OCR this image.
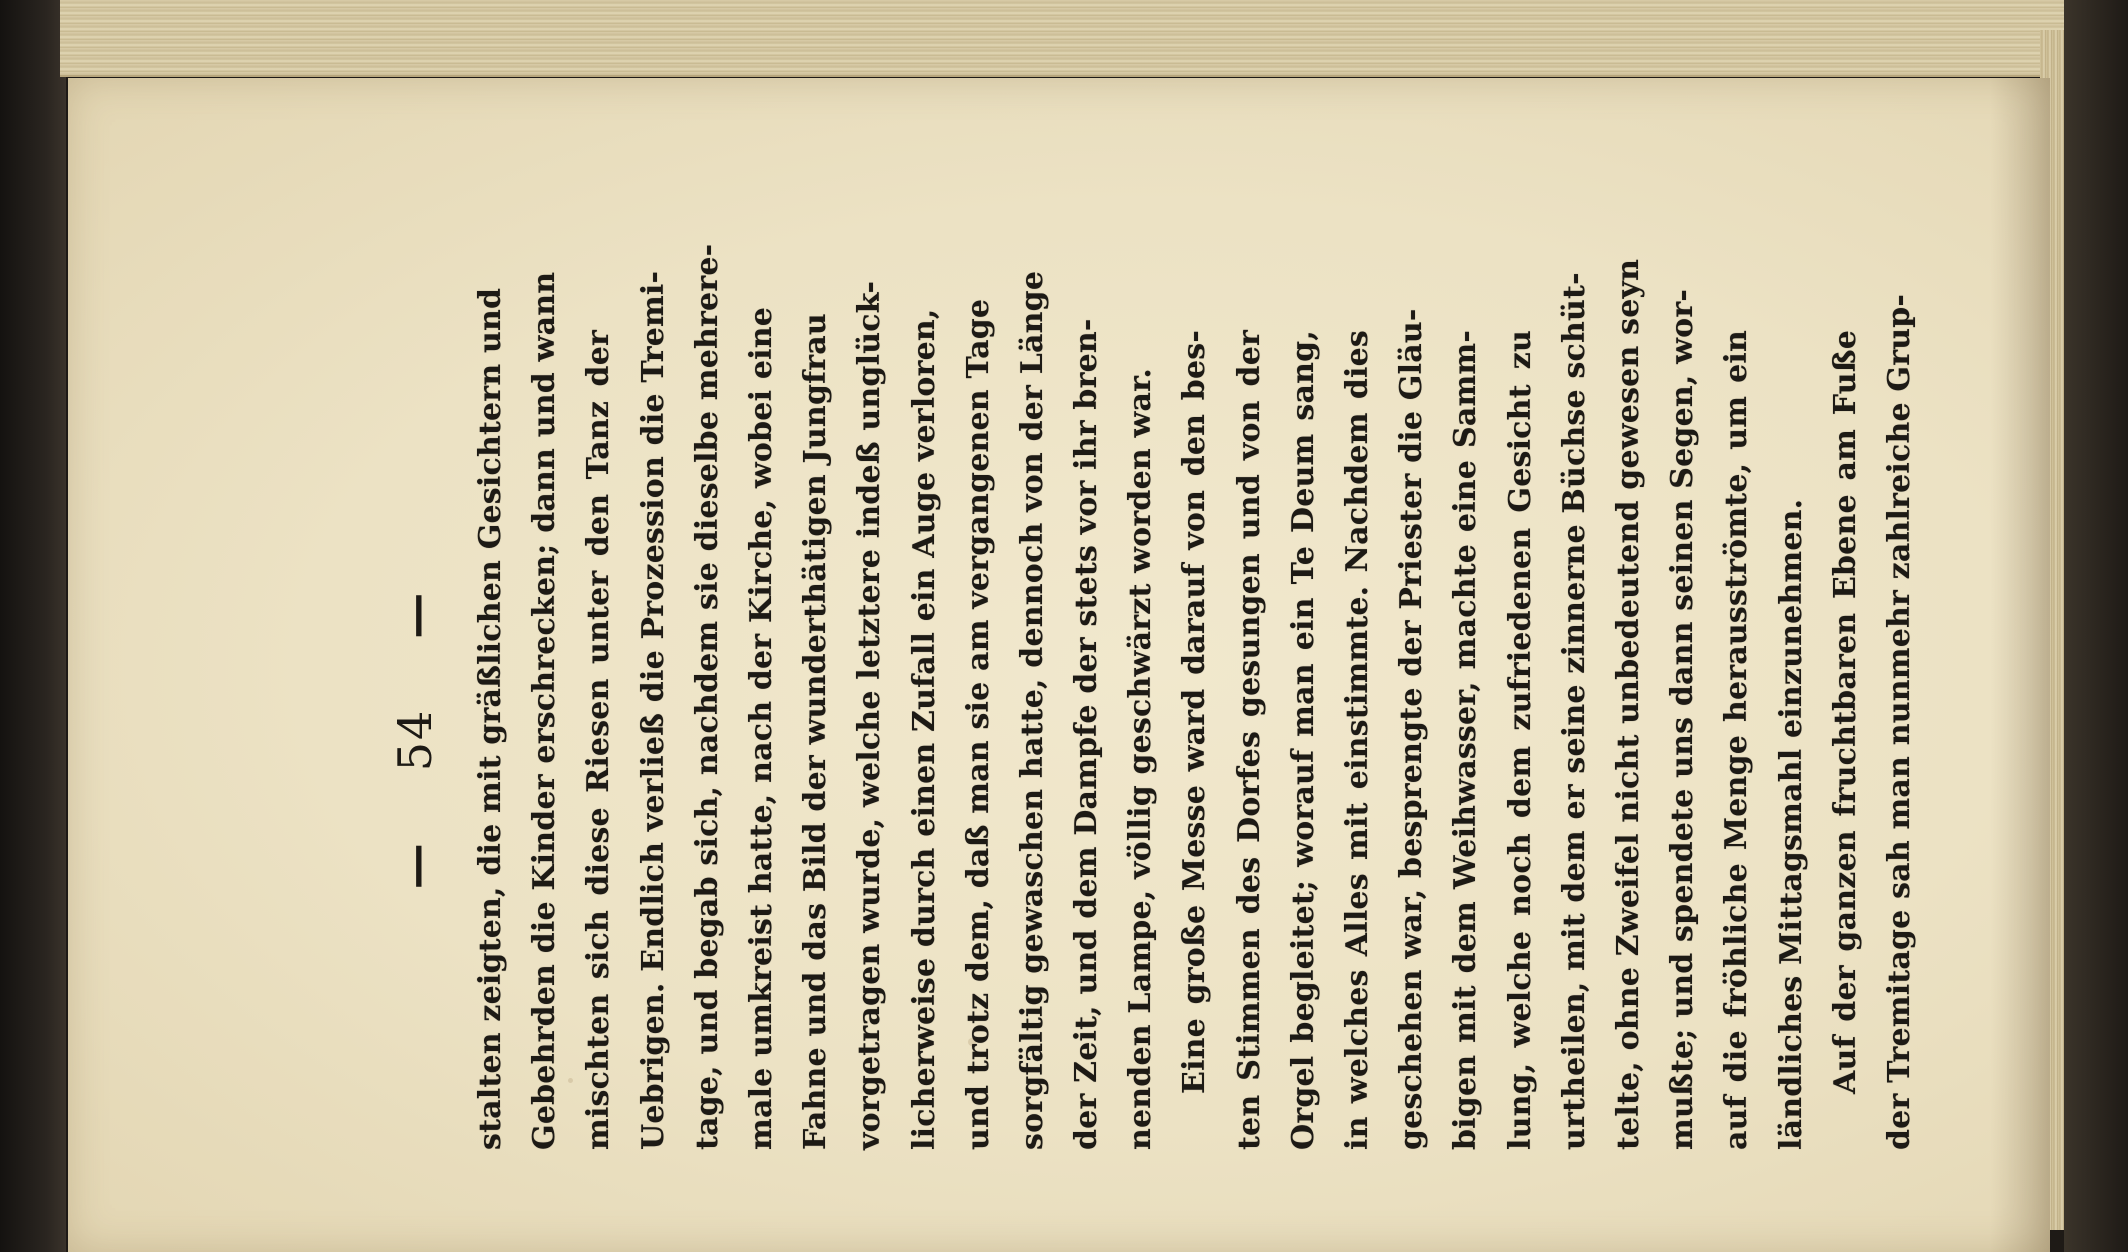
—
54
—	stalten zeigten, die mit gräßlichen Gesichtern und Gebehrden die Kinder erschrecken; dann und wann mischten sich diese Riesen unter den Tanz der Uebrigen. Endlich verließ die Prozession die Tremi- tage, und begab sich, nachdem sie dieselbe mehrere- male umkreist hatte, nach der Kirche, wobei eine Fahne und das Bild der wunderthätigen Jungfrau vorgetragen wurde, welche letztere indeß unglück- licherweise durch einen Zufall ein Auge verloren, und trotz dem, daß man sie am vergangenen Tage sorgfältig gewaschen hatte, dennoch von der Länge der Zeit, und dem Dampfe der stets vor ihr bren- nenden Lampe, völlig geschwärzt worden war. Eine große Messe ward darauf von den bes- ten Stimmen des Dorfes gesungen und von der Orgel begleitet; worauf man ein Te Deum sang, in welches Alles mit einstimmte. Nachdem dies geschehen war, besprengte der Priester die Gläu- bigen mit dem Weihwasser, machte eine Samm- lung, welche noch dem zufriedenen Gesicht zu urtheilen, mit dem er seine zinnerne Büchse schüt- telte, ohne Zweifel nicht unbedeutend gewesen seyn mußte; und spendete uns dann seinen Segen, wor- auf die fröhliche Menge herausströmte, um ein ländliches Mittagsmahl einzunehmen. Auf der ganzen fruchtbaren Ebene am Fuße der Tremitage sah man nunmehr zahlreiche Grup-
